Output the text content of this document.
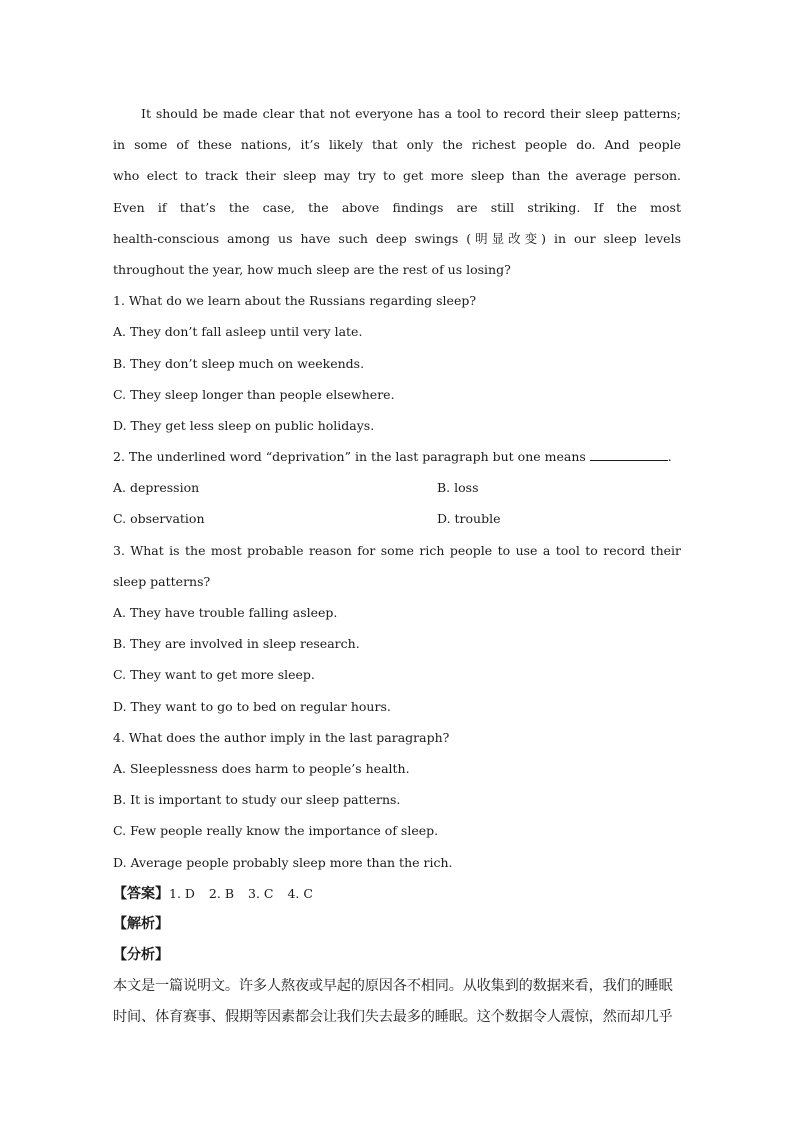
It should be made clear that not everyone has a tool to record their sleep patterns;
in some of these nations, it’s likely that only the richest people do. And people
who elect to track their sleep may try to get more sleep than the average person.
Even if that’s the case, the above findings are still striking. If the most
health-conscious among us have such deep swings (明显改变) in our sleep levels
throughout the year, how much sleep are the rest of us losing?
1. What do we learn about the Russians regarding sleep?
A. They don’t fall asleep until very late.
B. They don’t sleep much on weekends.
C. They sleep longer than people elsewhere.
D. They get less sleep on public holidays.
2. The underlined word “deprivation” in the last paragraph but one means	.
A. depression	B. loss
C. observation	D. trouble
3. What is the most probable reason for some rich people to use a tool to record their
sleep patterns?
A. They have trouble falling asleep.
B. They are involved in sleep research.
C. They want to get more sleep.
D. They want to go to bed on regular hours.
4. What does the author imply in the last paragraph?
A. Sleeplessness does harm to people’s health.
B. It is important to study our sleep patterns.
C. Few people really know the importance of sleep.
D. Average people probably sleep more than the rich.
【答案】1. D 2. B 3. C 4. C
【解析】
【分析】
本文是一篇说明文。许多人熬夜或早起的原因各不相同。从收集到的数据来看，我们的睡眠
时间、体育赛事、假期等因素都会让我们失去最多的睡眠。这个数据令人震惊，然而却几乎
